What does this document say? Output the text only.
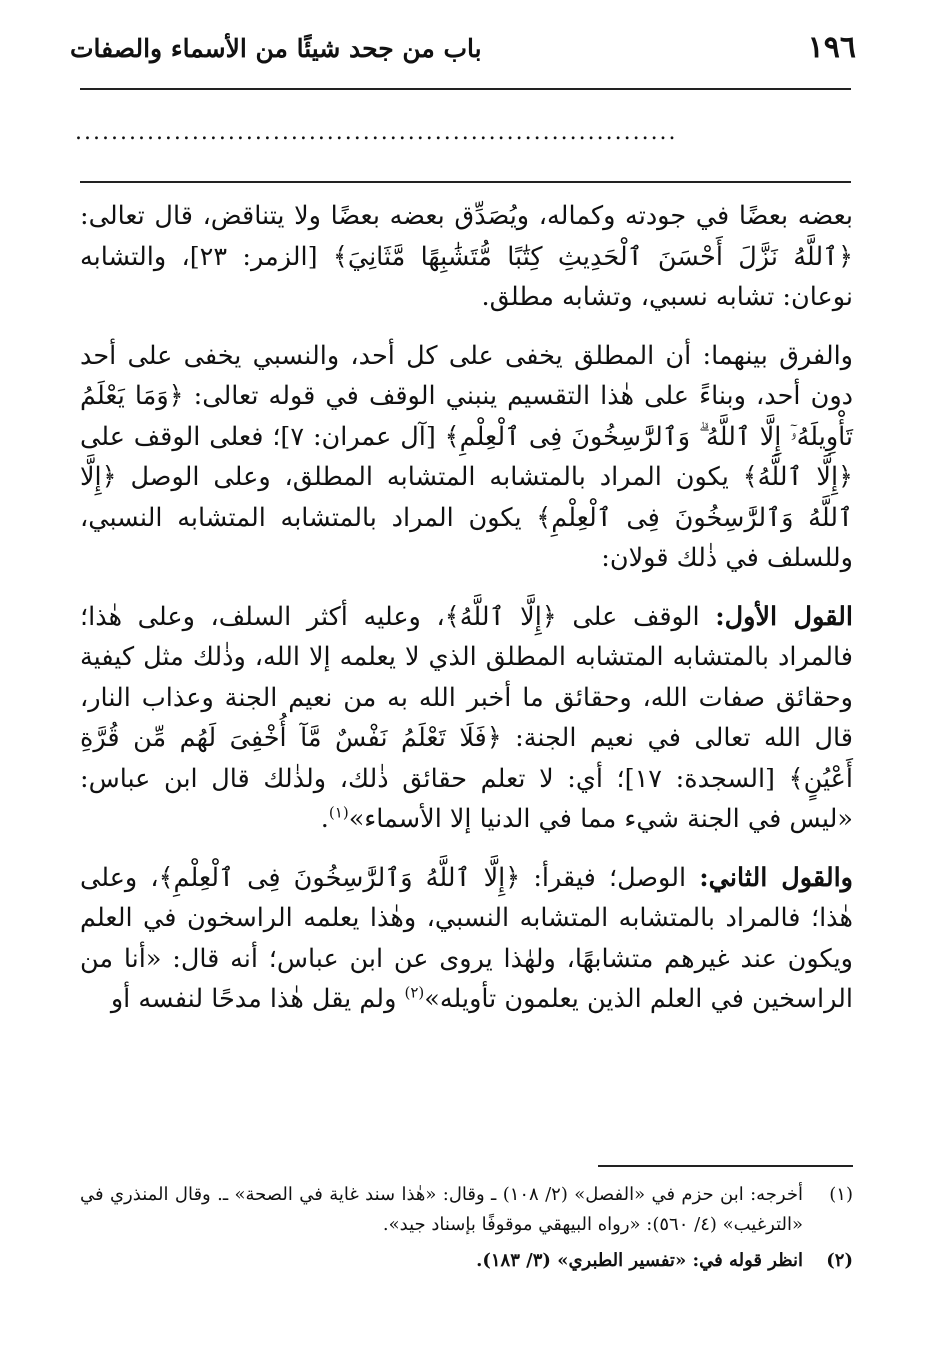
١٩٦
باب من جحد شيئًا من الأسماء والصفات
...................................................................

بعضه بعضًا في جودته وكماله، ويُصَدِّق بعضه بعضًا ولا يتناقض، قال تعالى: ﴿ٱللَّهُ نَزَّلَ أَحْسَنَ ٱلْحَدِيثِ كِتَٰبًا مُّتَشَٰبِهًا مَّثَانِيَ﴾ [الزمر: ٢٣]، والتشابه نوعان: تشابه نسبي، وتشابه مطلق.

والفرق بينهما: أن المطلق يخفى على كل أحد، والنسبي يخفى على أحد دون أحد، وبناءً على هٰذا التقسيم ينبني الوقف في قوله تعالى: ﴿وَمَا يَعْلَمُ تَأْوِيلَهُۥٓ إِلَّا ٱللَّهُ ۗ وَٱلرَّٰسِخُونَ فِى ٱلْعِلْمِ﴾ [آل عمران: ٧]؛ فعلى الوقف على ﴿إِلَّا ٱللَّهُ﴾ يكون المراد بالمتشابه المتشابه المطلق، وعلى الوصل ﴿إِلَّا ٱللَّهُ وَٱلرَّٰسِخُونَ فِى ٱلْعِلْمِ﴾ يكون المراد بالمتشابه المتشابه النسبي، وللسلف في ذٰلك قولان:

القول الأول: الوقف على ﴿إِلَّا ٱللَّهُ﴾، وعليه أكثر السلف، وعلى هٰذا؛ فالمراد بالمتشابه المتشابه المطلق الذي لا يعلمه إلا الله، وذٰلك مثل كيفية وحقائق صفات الله، وحقائق ما أخبر الله به من نعيم الجنة وعذاب النار، قال الله تعالى في نعيم الجنة: ﴿فَلَا تَعْلَمُ نَفْسٌ مَّآ أُخْفِىَ لَهُم مِّن قُرَّةِ أَعْيُنٍ﴾ [السجدة: ١٧]؛ أي: لا تعلم حقائق ذٰلك، ولذٰلك قال ابن عباس: «ليس في الجنة شيء مما في الدنيا إلا الأسماء»$^{(١)}$.

والقول الثاني: الوصل؛ فيقرأ: ﴿إِلَّا ٱللَّهُ وَٱلرَّٰسِخُونَ فِى ٱلْعِلْمِ﴾، وعلى هٰذا؛ فالمراد بالمتشابه المتشابه النسبي، وهٰذا يعلمه الراسخون في العلم ويكون عند غيرهم متشابهًا، ولهٰذا يروى عن ابن عباس؛ أنه قال: «أنا من الراسخين في العلم الذين يعلمون تأويله»$^{(٢)}$ ولم يقل هٰذا مدحًا لنفسه أو

(١)
أخرجه: ابن حزم في «الفصل» (٢/ ١٠٨) ـ وقال: «هٰذا سند غاية في الصحة» ـ. وقال المنذري في «الترغيب» (٤/ ٥٦٠): «رواه البيهقي موقوفًا بإسناد جيد».
(٢)
انظر قوله في: «تفسير الطبري» (٣/ ١٨٣).
